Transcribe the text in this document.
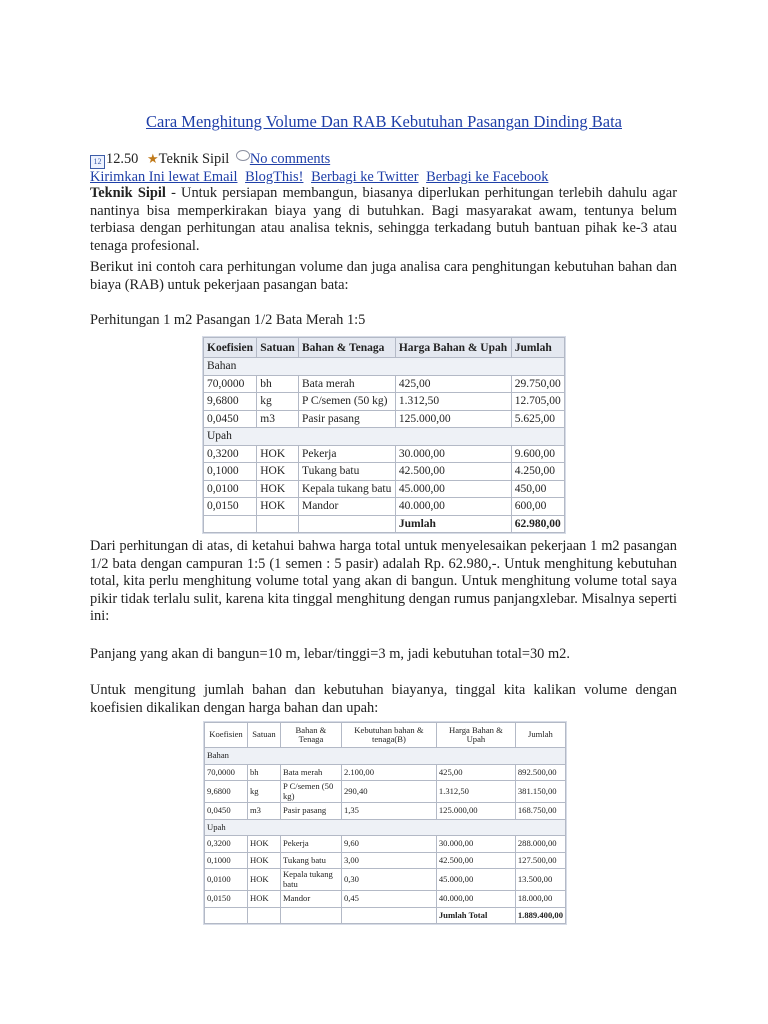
Cara Menghitung Volume Dan RAB Kebutuhan Pasangan Dinding Bata
12 12.50 ★Teknik Sipil No comments
Kirimkan Ini lewat Email BlogThis! Berbagi ke Twitter Berbagi ke Facebook
Teknik Sipil - Untuk persiapan membangun, biasanya diperlukan perhitungan terlebih dahulu agar nantinya bisa memperkirakan biaya yang di butuhkan. Bagi masyarakat awam, tentunya belum terbiasa dengan perhitungan atau analisa teknis, sehingga terkadang butuh bantuan pihak ke-3 atau tenaga profesional.
Berikut ini contoh cara perhitungan volume dan juga analisa cara penghitungan kebutuhan bahan dan biaya (RAB) untuk pekerjaan pasangan bata:
Perhitungan 1 m2 Pasangan 1/2 Bata Merah 1:5
Koefisien	Satuan	Bahan & Tenaga	Harga Bahan & Upah	Jumlah
Bahan				
70,0000	bh	Bata merah	425,00	29.750,00
9,6800	kg	P C/semen (50 kg)	1.312,50	12.705,00
0,0450	m3	Pasir pasang	125.000,00	5.625,00
Upah				
0,3200	HOK	Pekerja	30.000,00	9.600,00
0,1000	HOK	Tukang batu	42.500,00	4.250,00
0,0100	HOK	Kepala tukang batu	45.000,00	450,00
0,0150	HOK	Mandor	40.000,00	600,00
			Jumlah	62.980,00
Dari perhitungan di atas, di ketahui bahwa harga total untuk menyelesaikan pekerjaan 1 m2 pasangan 1/2 bata dengan campuran 1:5 (1 semen : 5 pasir) adalah Rp. 62.980,-. Untuk menghitung kebutuhan total, kita perlu menghitung volume total yang akan di bangun. Untuk menghitung volume total saya pikir tidak terlalu sulit, karena kita tinggal menghitung dengan rumus panjangxlebar. Misalnya seperti ini:
Panjang yang akan di bangun=10 m, lebar/tinggi=3 m, jadi kebutuhan total=30 m2.
Untuk mengitung jumlah bahan dan kebutuhan biayanya, tinggal kita kalikan volume dengan koefisien dikalikan dengan harga bahan dan upah:
Koefisien	Satuan	Bahan & Tenaga	Kebutuhan bahan & tenaga(B)	Harga Bahan & Upah	Jumlah
Bahan					
70,0000	bh	Bata merah	2.100,00	425,00	892.500,00
9,6800	kg	P C/semen (50 kg)	290,40	1.312,50	381.150,00
0,0450	m3	Pasir pasang	1,35	125.000,00	168.750,00
Upah					
0,3200	HOK	Pekerja	9,60	30.000,00	288.000,00
0,1000	HOK	Tukang batu	3,00	42.500,00	127.500,00
0,0100	HOK	Kepala tukang batu	0,30	45.000,00	13.500,00
0,0150	HOK	Mandor	0,45	40.000,00	18.000,00
				Jumlah Total	1.889.400,00
